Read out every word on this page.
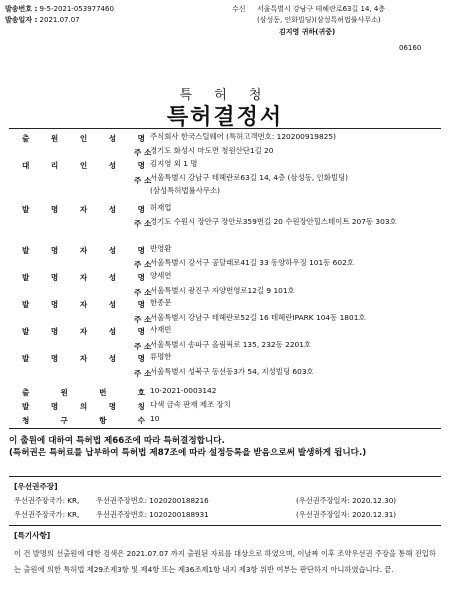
발송번호 : 9-5-2021-053977460
발송일자 : 2021.07.07
수신 서울특별시 강남구 테헤란로63길 14, 4층
(삼성동, 인화빌딩)(삼성특허법률사무소)
김지영 귀하(귀중)
06160
특 허 청
특허결정서
출	원	인	성	명 주식회사 한국스틸웨어 (특허고객번호: 120200919825)
주 소
경기도 화성시 마도면 청원산단1길 20
대	리	인	성	명 김지영 외 1 명
주 소
서울특별시 강남구 테헤란로63길 14, 4층 (삼성동, 인화빌딩)(삼성특허법률사무소)
발	명	자	성	명 허재업
주 소
경기도 수원시 장안구 장안로359번길 20 수원장안힐스테이트 207동 303호
발	명	자	성	명 반영환
주 소
서울특별시 강서구 공달래로41길 33 동양하우징 101동 602호
발	명	자	성	명 양세연
주 소
서울특별시 광진구 자양번영로12길 9 101호
발	명	자	성	명 한종문
주 소
서울특별시 강남구 테헤란로52길 16 테헤란IPARK 104동 1801호
발	명	자	성	명 사재빈
주 소
서울특별시 송파구 올림픽로 135, 232동 2201호
발	명	자	성	명 류명한
주 소
서울특별시 성북구 동선동3가 54, 지성빌딩 603호
출	원	번	호 10-2021-0003142
발	명	의	명	칭 다색 금속 판재 제조 장치
청	구	항	수 10
이 출원에 대하여 특허법 제66조에 따라 특허결정합니다.
(특허권은 특허료를 납부하여 특허법 제87조에 따라 설정등록을 받음으로써 발생하게 됩니다.)
[우선권주장]
우선권주장국가: KR, 우선권주장번호: 1020200188216	(우선권주장일자: 2020.12.30)
우선권주장국가: KR, 우선권주장번호: 1020200188931	(우선권주장일자: 2020.12.31)
[특기사항]
이 건 발명의 선출원에 대한 검색은 2021.07.07 까지 출원된 자료를 대상으로 하였으며, 이날짜 이후 조약우선권 주장을 통해 진입하는 출원에 의한 특허법 제29조제3항 및 제4항 또는 제36조제1항 내지 제3항 위반 여부는 판단하지 아니하였습니다. 끝.
